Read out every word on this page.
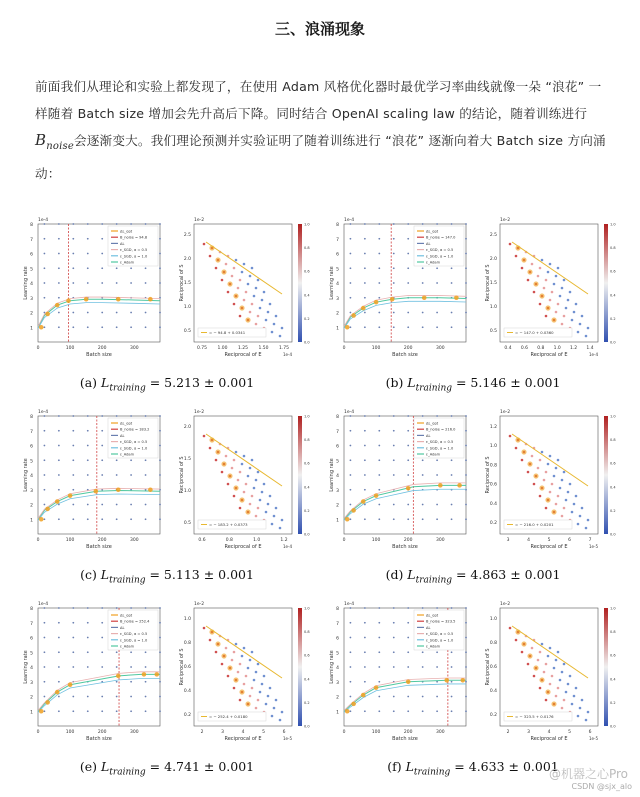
三、浪涌现象
前面我们从理论和实验上都发现了，在使用 Adam 风格优化器时最优学习率曲线就像一朵 “浪花” 一样随着 Batch size 增加会先升高后下降。同时结合 OpenAI scaling law 的结论，随着训练进行 $B_{noise}$会逐渐变大。我们理论预测并实验证明了随着训练进行 “浪花” 逐渐向着大 Batch size 方向涌动：
1
2
3
4
5
6
7
8
0	100	200	300
1e-4
Batch size
Learning rate
ΔL_opt
B_noise = 94.8
ΔL
ε_SGD, α = 0.5
ε_SGD, α = 1.0
ε_Adam
1e-2
0.5
1.0
1.5
2.0
2.5
0.75 1.00 1.25 1.50 1.75
1e-4
Reciprocal of E
Reciprocal of S
= − 94.8 + 0.0341
0.0
0.2
0.4
0.6
0.8
1.0
(a) $L_{training} = 5.213 \pm 0.001$
1
2
3
4
5
6
7
8
0	100	200	300
1e-4
Batch size
Learning rate
ΔL_opt
B_noise = 147.0
ΔL
ε_SGD, α = 0.5
ε_SGD, α = 1.0
ε_Adam
1e-2
0.5
1.0
1.5
2.0
2.5
0.4 0.6 0.8 1.0 1.2 1.4
1e-4
Reciprocal of E
Reciprocal of S
= − 147.0 + 0.0360
0.0
0.2
0.4
0.6
0.8
1.0
(b) $L_{training} = 5.146 \pm 0.001$
1
2
3
4
5
6
7
8
0	100	200	300
1e-4
Batch size
Learning rate
ΔL_opt
B_noise = 183.2
ΔL
ε_SGD, α = 0.5
ε_SGD, α = 1.0
ε_Adam
1e-2
0.5
1.0
1.5
2.0
0.6	0.8	1.0	1.2
1e-4
Reciprocal of E
Reciprocal of S
= − 183.2 + 0.0373
0.0
0.2
0.4
0.6
0.8
1.0
(c) $L_{training} = 5.113 \pm 0.001$
1
2
3
4
5
6
7
8
0	100	200	300
1e-4
Batch size
Learning rate
ΔL_opt
B_noise = 216.0
ΔL
ε_SGD, α = 0.5
ε_SGD, α = 1.0
ε_Adam
1e-2
0.2
0.4
0.6
0.8
1.0
1.2
3	4	5	6	7
1e-5
Reciprocal of E
Reciprocal of S
= − 216.0 + 0.0201
0.0
0.2
0.4
0.6
0.8
1.0
(d) $L_{training} = 4.863 \pm 0.001$
1
2
3
4
5
6
7
8
0	100	200	300
1e-4
Batch size
Learning rate
ΔL_opt
B_noise = 252.4
ΔL
ε_SGD, α = 0.5
ε_SGD, α = 1.0
ε_Adam
1e-2
0.2
0.4
0.6
0.8
1.0
2	3	4	5	6
1e-5
Reciprocal of E
Reciprocal of S
= − 252.4 + 0.0180
0.0
0.2
0.4
0.6
0.8
1.0
(e) $L_{training} = 4.741 \pm 0.001$
1
2
3
4
5
6
7
8
0	100	200	300
1e-4
Batch size
Learning rate
ΔL_opt
B_noise = 323.5
ΔL
ε_SGD, α = 0.5
ε_SGD, α = 1.0
ε_Adam
1e-2
0.2
0.4
0.6
0.8
1.0
2	3	4	5	6
1e-5
Reciprocal of E
Reciprocal of S
= − 323.5 + 0.0176
0.0
0.2
0.4
0.6
0.8
1.0
(f) $L_{training} = 4.633 \pm 0.001$
@机器之心Pro
CSDN @sjx_alo
